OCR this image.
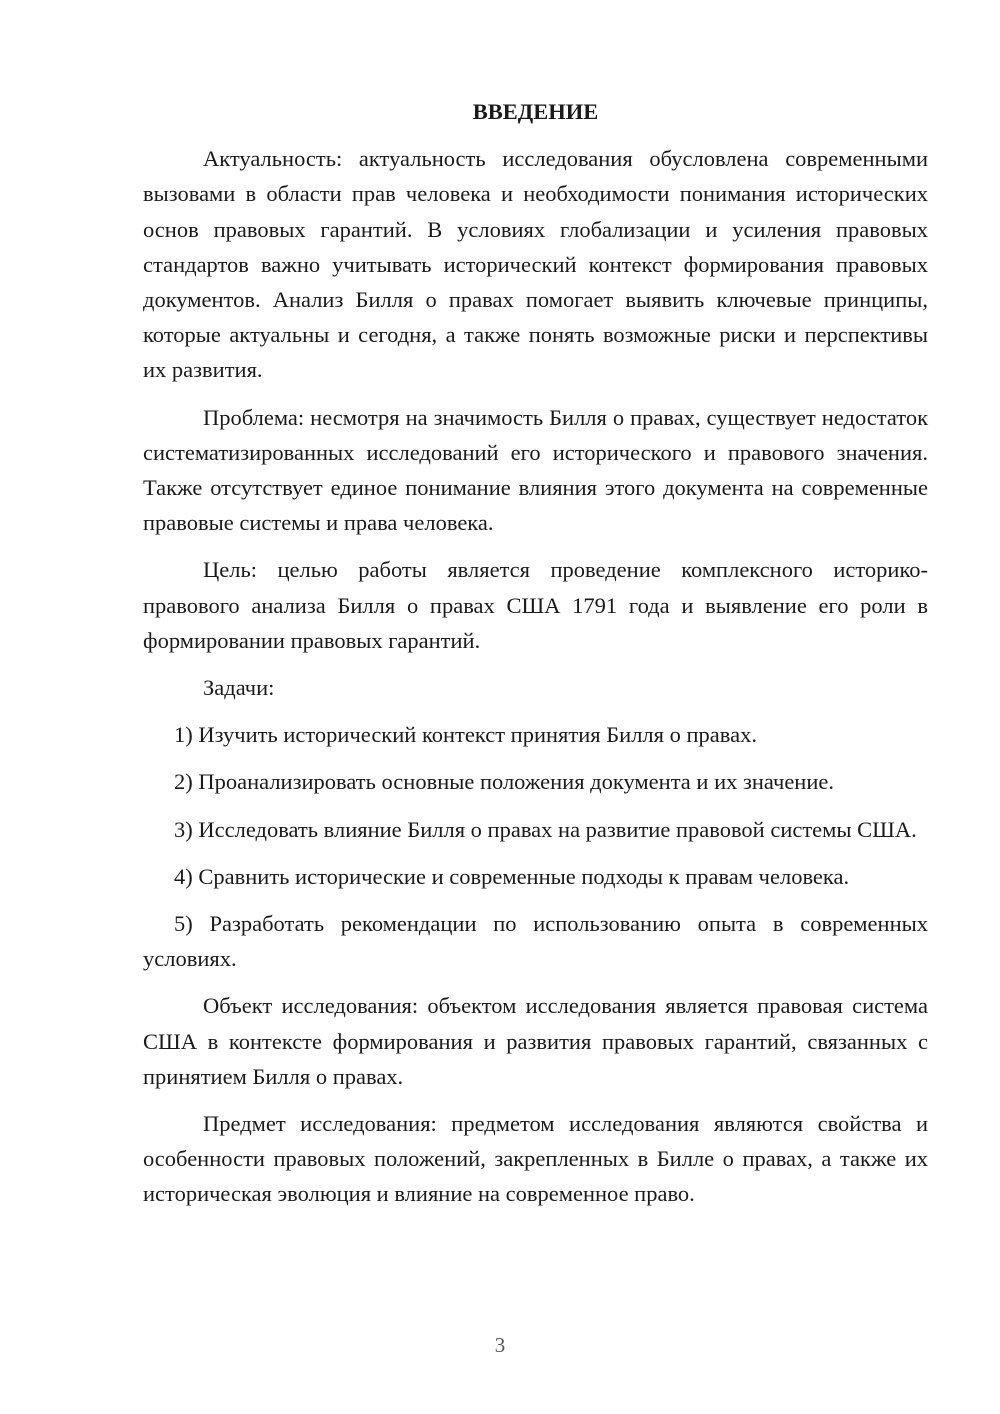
ВВЕДЕНИЕ

Актуальность: актуальность исследования обусловлена современными вызовами в области прав человека и необходимости понимания исторических основ правовых гарантий. В условиях глобализации и усиления правовых стандартов важно учитывать исторический контекст формирования правовых документов. Анализ Билля о правах помогает выявить ключевые принципы, которые актуальны и сегодня, а также понять возможные риски и перспективы их развития.

Проблема: несмотря на значимость Билля о правах, существует недостаток систематизированных исследований его исторического и правового значения. Также отсутствует единое понимание влияния этого документа на современные правовые системы и права человека.

Цель: целью работы является проведение комплексного историко-правового анализа Билля о правах США 1791 года и выявление его роли в формировании правовых гарантий.

Задачи:

1) Изучить исторический контекст принятия Билля о правах.

2) Проанализировать основные положения документа и их значение.

3) Исследовать влияние Билля о правах на развитие правовой системы США.

4) Сравнить исторические и современные подходы к правам человека.

5) Разработать рекомендации по использованию опыта в современных условиях.

Объект исследования: объектом исследования является правовая система США в контексте формирования и развития правовых гарантий, связанных с принятием Билля о правах.

Предмет исследования: предметом исследования являются свойства и особенности правовых положений, закрепленных в Билле о правах, а также их историческая эволюция и влияние на современное право.

3
